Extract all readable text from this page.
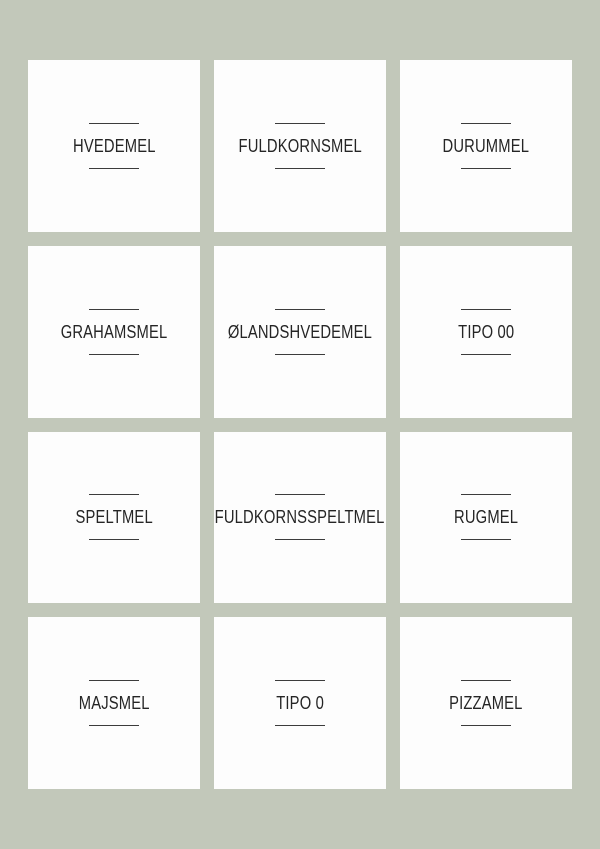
HVEDEMEL	FULDKORNSMEL	DURUMMEL
GRAHAMSMEL	ØLANDSHVEDEMEL	TIPO 00
SPELTMEL	FULDKORNSSPELTMEL	RUGMEL
MAJSMEL	TIPO 0	PIZZAMEL
